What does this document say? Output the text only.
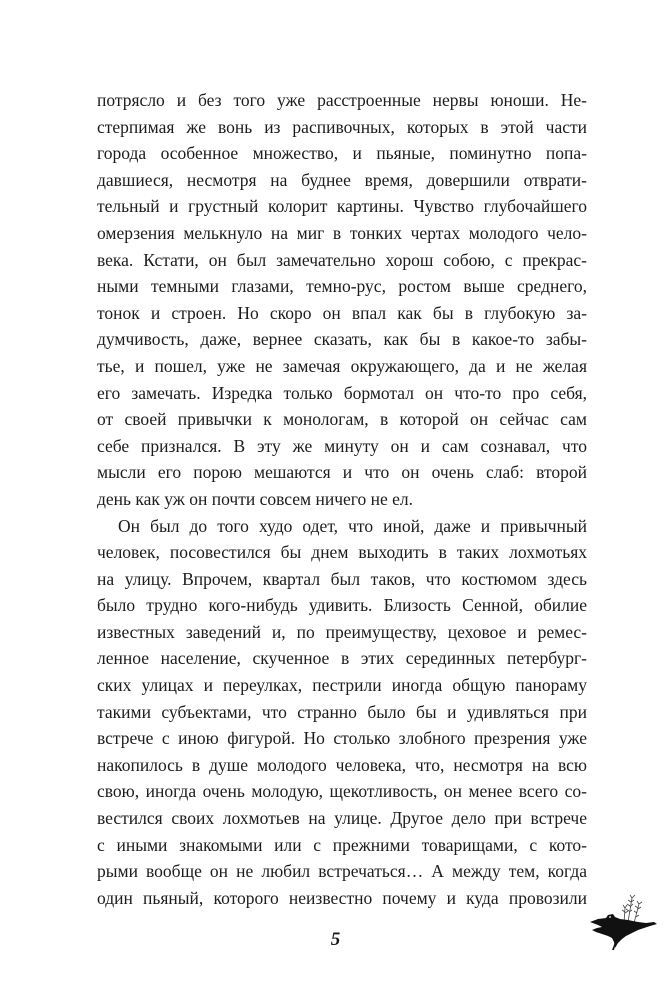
потрясло и без того уже расстроенные нервы юноши. Не-
стерпимая же вонь из распивочных, которых в этой части
города особенное множество, и пьяные, поминутно попа-
давшиеся, несмотря на буднее время, довершили отврати-
тельный и грустный колорит картины. Чувство глубочайшего
омерзения мелькнуло на миг в тонких чертах молодого чело-
века. Кстати, он был замечательно хорош собою, с прекрас-
ными темными глазами, темно-рус, ростом выше среднего,
тонок и строен. Но скоро он впал как бы в глубокую за-
думчивость, даже, вернее сказать, как бы в какое-то забы-
тье, и пошел, уже не замечая окружающего, да и не желая
его замечать. Изредка только бормотал он что-то про себя,
от своей привычки к монологам, в которой он сейчас сам
себе признался. В эту же минуту он и сам сознавал, что
мысли его порою мешаются и что он очень слаб: второй
день как уж он почти совсем ничего не ел.
Он был до того худо одет, что иной, даже и привычный
человек, посовестился бы днем выходить в таких лохмотьях
на улицу. Впрочем, квартал был таков, что костюмом здесь
было трудно кого-нибудь удивить. Близость Сенной, обилие
известных заведений и, по преимуществу, цеховое и ремес-
ленное население, скученное в этих серединных петербург-
ских улицах и переулках, пестрили иногда общую панораму
такими субъектами, что странно было бы и удивляться при
встрече с иною фигурой. Но столько злобного презрения уже
накопилось в душе молодого человека, что, несмотря на всю
свою, иногда очень молодую, щекотливость, он менее всего со-
вестился своих лохмотьев на улице. Другое дело при встрече
с иными знакомыми или с прежними товарищами, с кото-
рыми вообще он не любил встречаться… А между тем, когда
один пьяный, которого неизвестно почему и куда провозили
5
